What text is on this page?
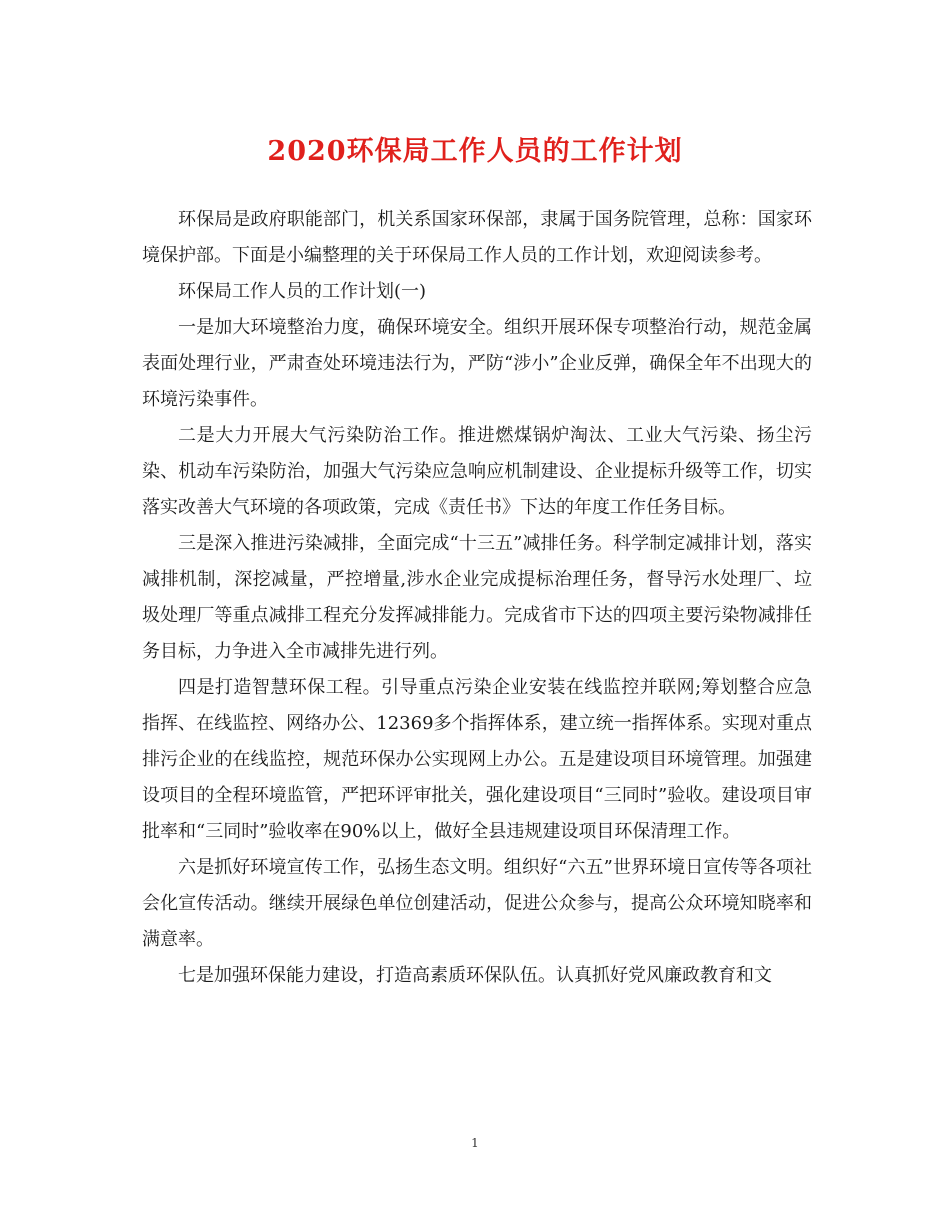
2020环保局工作人员的工作计划

环保局是政府职能部门，机关系国家环保部，隶属于国务院管理，总称：国家环境保护部。下面是小编整理的关于环保局工作人员的工作计划，欢迎阅读参考。

环保局工作人员的工作计划(一)

一是加大环境整治力度，确保环境安全。组织开展环保专项整治行动，规范金属表面处理行业，严肃查处环境违法行为，严防“涉小”企业反弹，确保全年不出现大的环境污染事件。

二是大力开展大气污染防治工作。推进燃煤锅炉淘汰、工业大气污染、扬尘污染、机动车污染防治，加强大气污染应急响应机制建设、企业提标升级等工作，切实落实改善大气环境的各项政策，完成《责任书》下达的年度工作任务目标。

三是深入推进污染减排，全面完成“十三五”减排任务。科学制定减排计划，落实减排机制，深挖减量，严控增量,涉水企业完成提标治理任务，督导污水处理厂、垃圾处理厂等重点减排工程充分发挥减排能力。完成省市下达的四项主要污染物减排任务目标，力争进入全市减排先进行列。

四是打造智慧环保工程。引导重点污染企业安装在线监控并联网;筹划整合应急指挥、在线监控、网络办公、12369多个指挥体系，建立统一指挥体系。实现对重点排污企业的在线监控，规范环保办公实现网上办公。五是建设项目环境管理。加强建设项目的全程环境监管，严把环评审批关，强化建设项目“三同时”验收。建设项目审批率和“三同时”验收率在90%以上，做好全县违规建设项目环保清理工作。

六是抓好环境宣传工作，弘扬生态文明。组织好“六五”世界环境日宣传等各项社会化宣传活动。继续开展绿色单位创建活动，促进公众参与，提高公众环境知晓率和满意率。

七是加强环保能力建设，打造高素质环保队伍。认真抓好党风廉政教育和文

1
